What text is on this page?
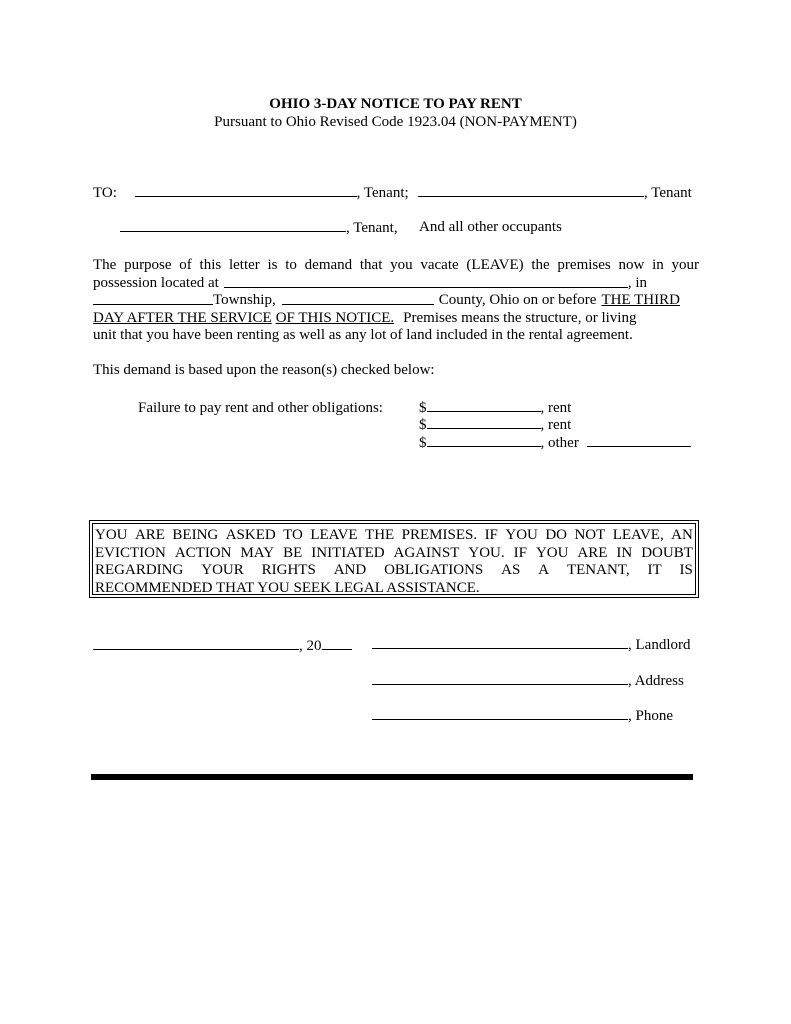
OHIO 3-DAY NOTICE TO PAY RENT
Pursuant to Ohio Revised Code 1923.04 (NON-PAYMENT)
TO:	, Tenant;	, Tenant
, Tenant, And all other occupants
The purpose of this letter is to demand that you vacate (LEAVE) the premises now in your
possession located at	, in
Township,	County, Ohio on or before THE THIRD
DAY AFTER THE SERVICE OF THIS NOTICE. Premises means the structure, or living
unit that you have been renting as well as any lot of land included in the rental agreement.
This demand is based upon the reason(s) checked below:
Failure to pay rent and other obligations: $	, rent
$	, rent
$	, other
YOU ARE BEING ASKED TO LEAVE THE PREMISES. IF YOU DO NOT LEAVE, AN
EVICTION ACTION MAY BE INITIATED AGAINST YOU. IF YOU ARE IN DOUBT
REGARDING YOUR RIGHTS AND OBLIGATIONS AS A TENANT, IT IS
RECOMMENDED THAT YOU SEEK LEGAL ASSISTANCE.
, 20	, Landlord
, Address
, Phone
